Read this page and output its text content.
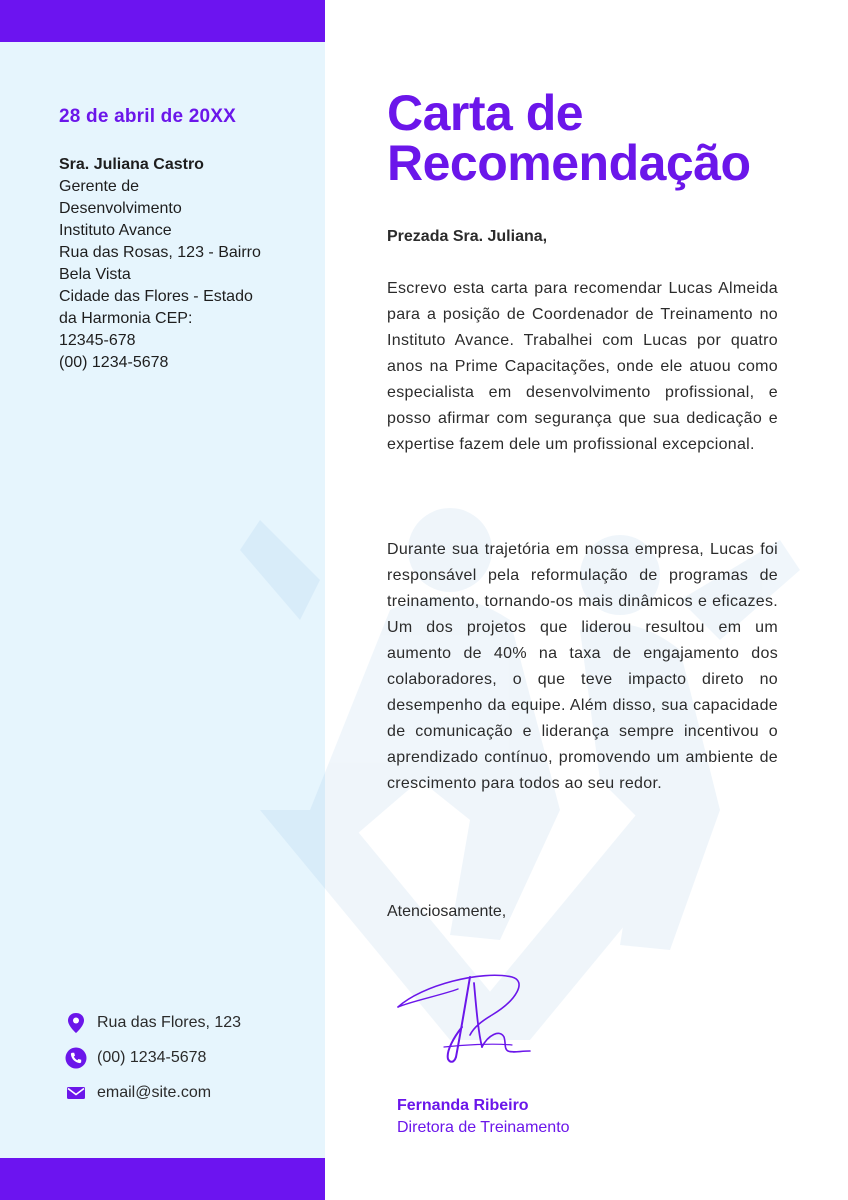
28 de abril de 20XX
Sra. Juliana Castro
Gerente de
Desenvolvimento
Instituto Avance
Rua das Rosas, 123 - Bairro
Bela Vista
Cidade das Flores - Estado
da Harmonia CEP:
12345-678
(00) 1234-5678
Rua das Flores, 123
(00) 1234-5678
email@site.com
Carta de
Recomendação
Prezada Sra. Juliana,

Escrevo esta carta para recomendar Lucas Almeida para a posição de Coordenador de Treinamento no Instituto Avance. Trabalhei com Lucas por quatro anos na Prime Capacitações, onde ele atuou como especialista em desenvolvimento profissional, e posso afirmar com segurança que sua dedicação e expertise fazem dele um profissional excepcional.

Durante sua trajetória em nossa empresa, Lucas foi responsável pela reformulação de programas de treinamento, tornando-os mais dinâmicos e eficazes. Um dos projetos que liderou resultou em um aumento de 40% na taxa de engajamento dos colaboradores, o que teve impacto direto no desempenho da equipe. Além disso, sua capacidade de comunicação e liderança sempre incentivou o aprendizado contínuo, promovendo um ambiente de crescimento para todos ao seu redor.

Atenciosamente,
Fernanda Ribeiro
Diretora de Treinamento
